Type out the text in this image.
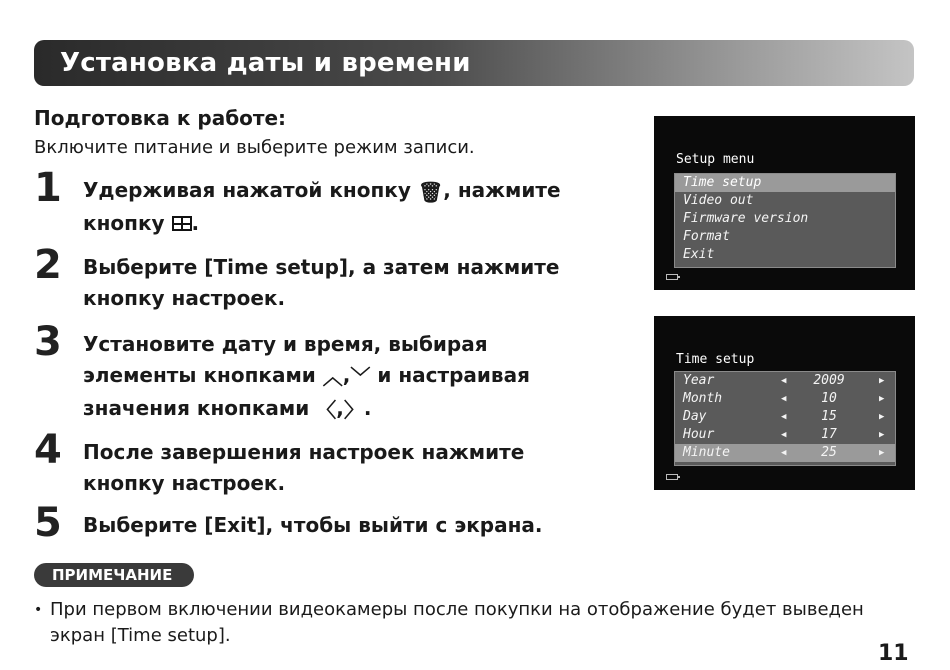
Установка даты и времени
Подготовка к работе:
Включите питание и выберите режим записи.
1 Удерживая нажатой кнопку 🗑, нажмите
кнопку .
2 Выберите [Time setup], а затем нажмите
кнопку настроек.
3 Установите дату и время, выбирая
элементы кнопками ︿,﹀ и настраивая
значения кнопками 〈,〉.
4 После завершения настроек нажмите
кнопку настроек.
5 Выберите [Exit], чтобы выйти с экрана.
ПРИМЕЧАНИЕ
• При первом включении видеокамеры после покупки на отображение будет выведен экран [Time setup].
11
Setup menu
Time setup
Video out
Firmware version
Format
Exit
Time setup
Year	◀	2009	▶
Month	◀	10	▶
Day	◀	15	▶
Hour	◀	17	▶
Minute	◀	25	▶
